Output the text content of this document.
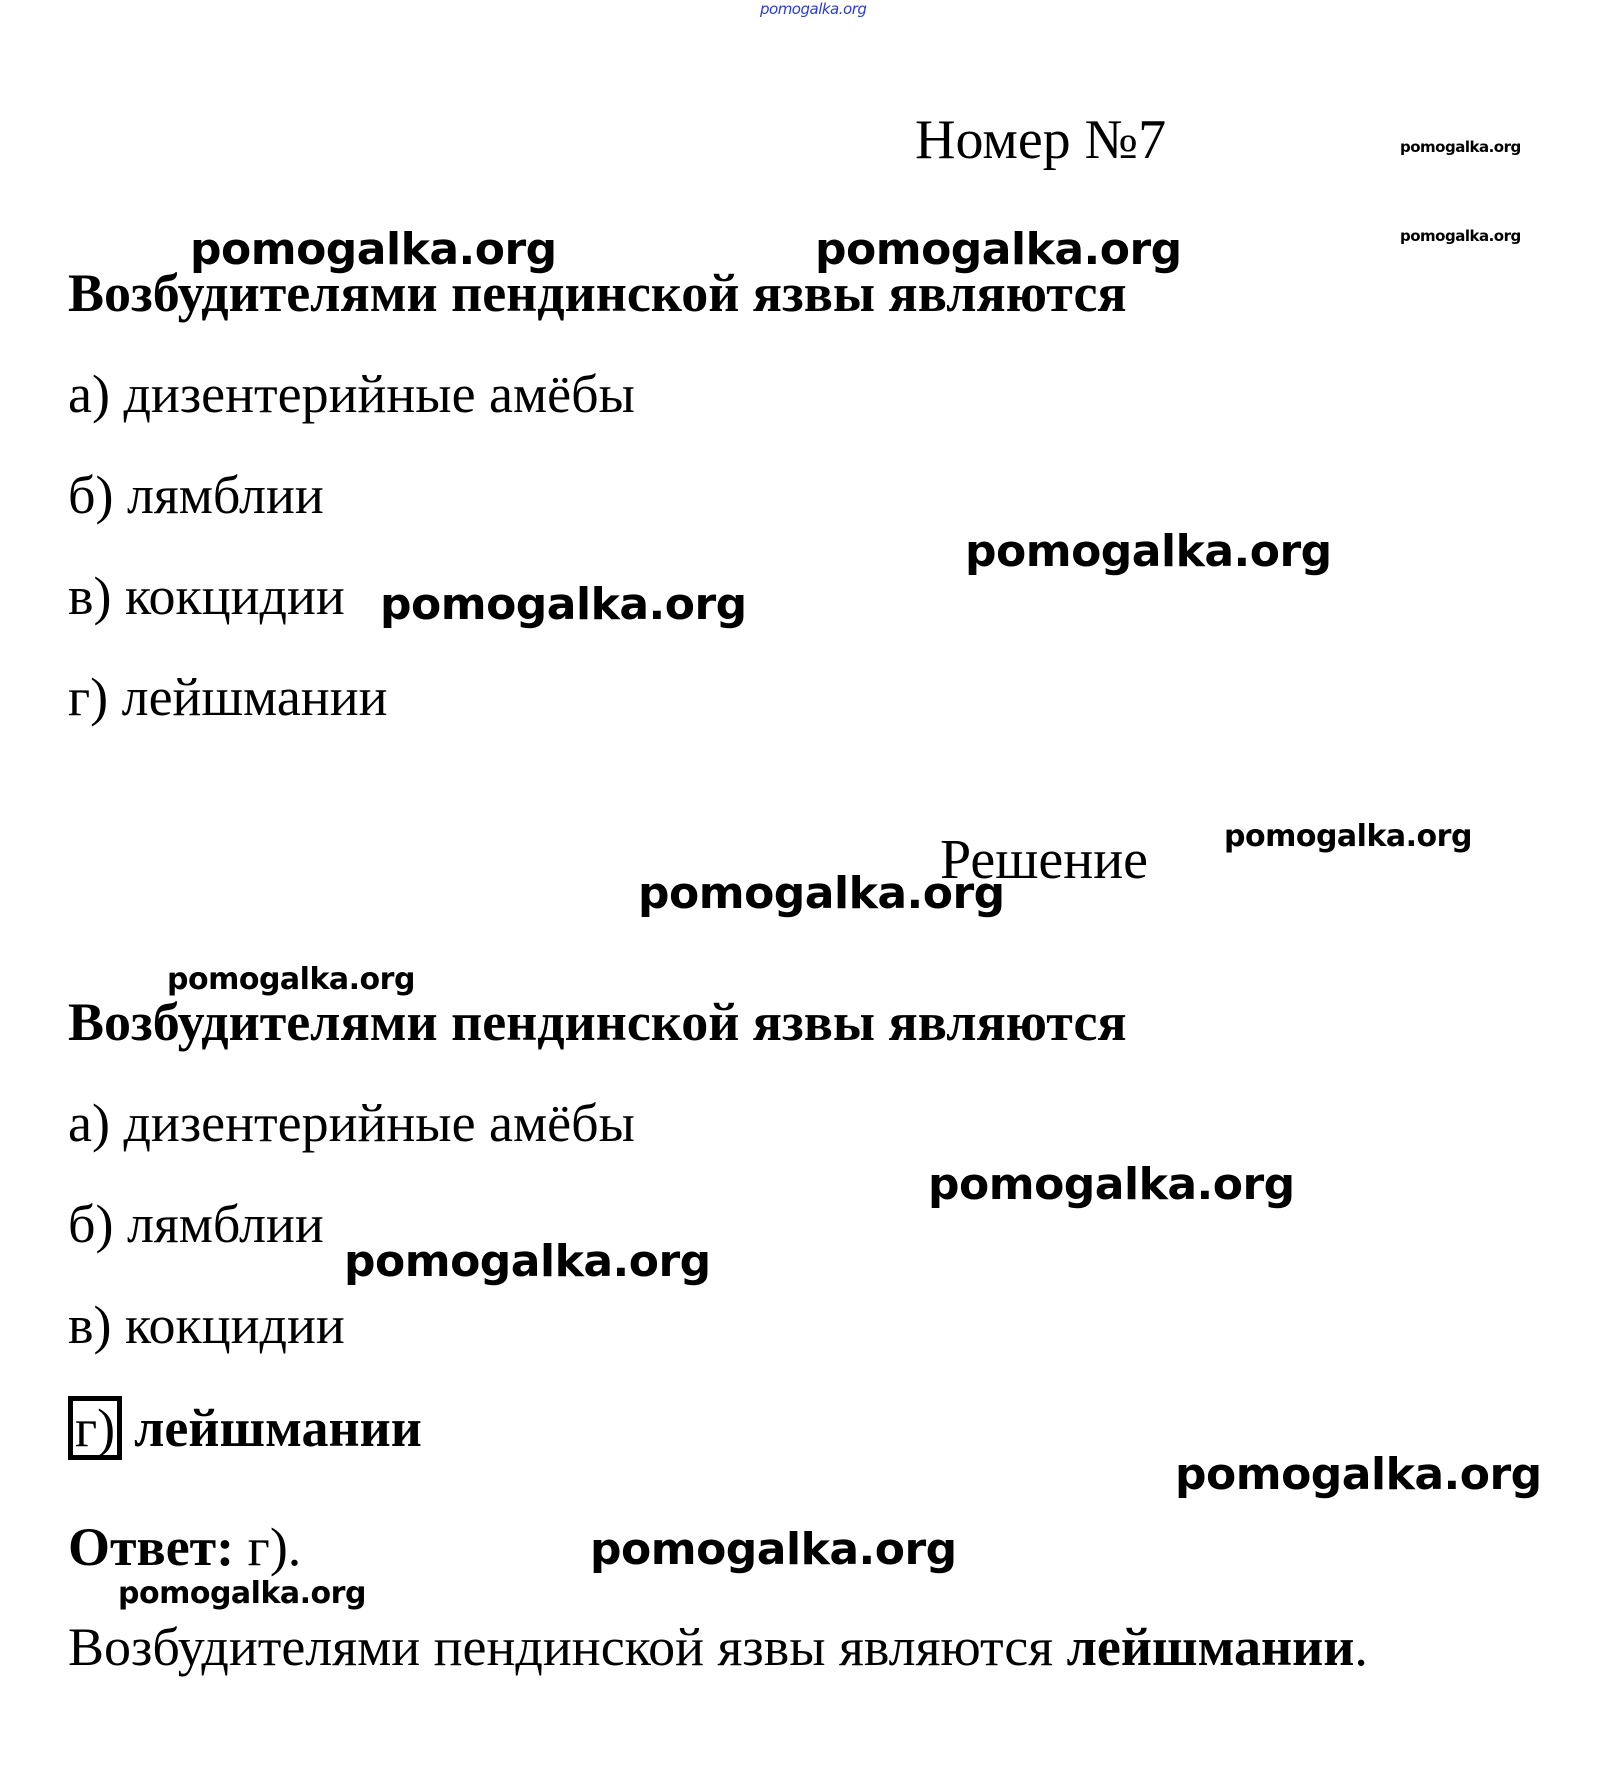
pomogalka.org
Номер №7
Возбудителями пендинской язвы являются
а) дизентерийные амёбы
б) лямблии
в) кокцидии
г) лейшмании
Решение
Возбудителями пендинской язвы являются
а) дизентерийные амёбы
б) лямблии
в) кокцидии
г) лейшмании
Ответ: г).
Возбудителями пендинской язвы являются лейшмании.
pomogalka.org
pomogalka.org
pomogalka.org	pomogalka.org
pomogalka.org
pomogalka.org
pomogalka.org
pomogalka.org
pomogalka.org
pomogalka.org
pomogalka.org
pomogalka.org
pomogalka.org
pomogalka.org
